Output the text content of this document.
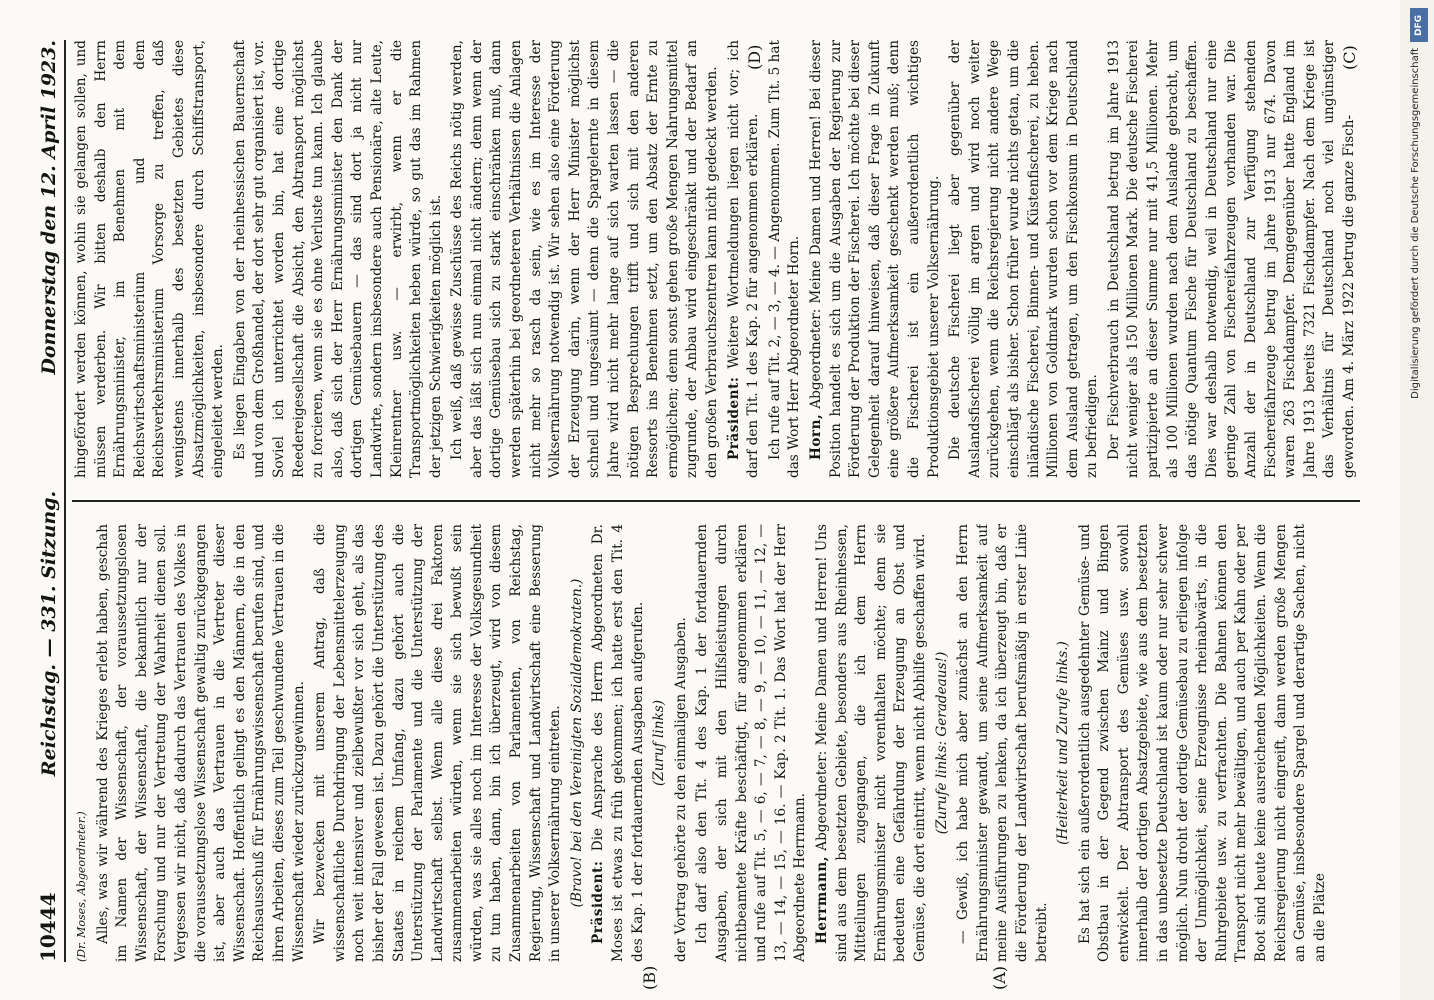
10444
Reichstag. — 331. Sitzung.
Donnerstag den 12. April 1923.

(Dr. Moses, Abgeordneter.) Alles, was wir während des Krieges erlebt haben, geschah im Namen der Wissenschaft, der voraussetzungslosen Wissenschaft, der Wissenschaft, die bekanntlich nur der Forschung und nur der Vertretung der Wahrheit dienen soll. Vergessen wir nicht, daß dadurch das Vertrauen des Volkes in die voraussetzungslose Wissenschaft gewaltig zurückgegangen ist, aber auch das Vertrauen in die Vertreter dieser Wissenschaft. Hoffentlich gelingt es den Männern, die in den Reichsausschuß für Ernährungswissenschaft berufen sind, und ihren Arbeiten, dieses zum Teil geschwundene Vertrauen in die Wissenschaft wieder zurückzugewinnen. Wir bezwecken mit unserem Antrag, daß die wissenschaftliche Durchdringung der Lebensmittelerzeugung noch weit intensiver und zielbewußter vor sich geht, als das bisher der Fall gewesen ist. Dazu gehört die Unterstützung des Staates in reichem Umfang, dazu gehört auch die Unterstützung der Parlamente und die Unterstützung der Landwirtschaft selbst. Wenn alle diese drei Faktoren zusammenarbeiten würden, wenn sie sich bewußt sein würden, was sie alles noch im Interesse der Volksgesundheit zu tun haben, dann, bin ich überzeugt, wird von diesem Zusammenarbeiten von Parlamenten, von Reichstag, Regierung, Wissenschaft und Landwirtschaft eine Besserung in unserer Volksernährung eintreten. (Bravo! bei den Vereinigten Sozialdemokraten.) Präsident: Die Ansprache des Herrn Abgeordneten Dr. Moses ist etwas zu früh gekommen; ich hatte erst den Tit. 4 des Kap. 1 der fortdauernden Ausgaben aufgerufen. (Zuruf links) der Vortrag gehörte zu den einmaligen Ausgaben. Ich darf also den Tit. 4 des Kap. 1 der fortdauernden Ausgaben, der sich mit den Hilfsleistungen durch nichtbeamtete Kräfte beschäftigt, für angenommen erklären und rufe auf Tit. 5, — 6, — 7, — 8, — 9, — 10, — 11, — 12, — 13, — 14, — 15, — 16. — Kap. 2 Tit. 1. Das Wort hat der Herr Abgeordnete Herrmann. Herrmann, Abgeordneter: Meine Damen und Herren! Uns sind aus dem besetzten Gebiete, besonders aus Rheinhessen, Mitteilungen zugegangen, die ich dem Herrn Ernährungsminister nicht vorenthalten möchte; denn sie bedeuten eine Gefährdung der Erzeugung an Obst und Gemüse, die dort eintritt, wenn nicht Abhilfe geschaffen wird. (Zurufe links: Geradeaus!) — Gewiß, ich habe mich aber zunächst an den Herrn Ernährungsminister gewandt, um seine Aufmerksamkeit auf meine Ausführungen zu lenken, da ich überzeugt bin, daß er die Förderung der Landwirtschaft berufsmäßig in erster Linie betreibt.

(Heiterkeit und Zurufe links.) Es hat sich ein außerordentlich ausgedehnter Gemüse- und Obstbau in der Gegend zwischen Mainz und Bingen entwickelt. Der Abtransport des Gemüses usw. sowohl innerhalb der dortigen Absatzgebiete, wie aus dem besetzten in das unbesetzte Deutschland ist kaum oder nur sehr schwer möglich. Nun droht der dortige Gemüsebau zu erliegen infolge der Unmöglichkeit, seine Erzeugnisse rheinabwärts, in die Ruhrgebiete usw. zu verfrachten. Die Bahnen können den Transport nicht mehr bewältigen, und auch per Kahn oder per Boot sind heute keine ausreichenden Möglichkeiten. Wenn die Reichsregierung nicht eingreift, dann werden große Mengen an Gemüse, insbesondere Spargel und derartige Sachen, nicht an die Plätze

hingefördert werden können, wohin sie gelangen sollen, und müssen verderben. Wir bitten deshalb den Herrn Ernährungsminister, im Benehmen mit dem Reichswirtschaftsministerium und dem Reichsverkehrsministerium Vorsorge zu treffen, daß wenigstens innerhalb des besetzten Gebietes diese Absatzmöglichkeiten, insbesondere durch Schiffstransport, eingeleitet werden. Es liegen Eingaben von der rheinhessischen Bauernschaft und von dem Großhandel, der dort sehr gut organisiert ist, vor. Soviel ich unterrichtet worden bin, hat eine dortige Reedereigesellschaft die Absicht, den Abtransport möglichst zu forcieren, wenn sie es ohne Verluste tun kann. Ich glaube also, daß sich der Herr Ernährungsminister den Dank der dortigen Gemüsebauern — das sind dort ja nicht nur Landwirte, sondern insbesondere auch Pensionäre, alte Leute, Kleinrentner usw. — erwirbt, wenn er die Transportmöglichkeiten heben würde, so gut das im Rahmen der jetzigen Schwierigkeiten möglich ist. Ich weiß, daß gewisse Zuschüsse des Reichs nötig werden, aber das läßt sich nun einmal nicht ändern; denn wenn der dortige Gemüsebau sich zu stark einschränken muß, dann werden späterhin bei geordneteren Verhältnissen die Anlagen nicht mehr so rasch da sein, wie es im Interesse der Volksernährung notwendig ist. Wir sehen also eine Förderung der Erzeugung darin, wenn der Herr Minister möglichst schnell und ungesäumt — denn die Spargelernte in diesem Jahre wird nicht mehr lange auf sich warten lassen — die nötigen Besprechungen trifft und sich mit den anderen Ressorts ins Benehmen setzt, um den Absatz der Ernte zu ermöglichen; denn sonst gehen große Mengen Nahrungsmittel zugrunde, der Anbau wird eingeschränkt und der Bedarf an den großen Verbrauchszentren kann nicht gedeckt werden. Präsident: Weitere Wortmeldungen liegen nicht vor; ich darf den Tit. 1 des Kap. 2 für angenommen erklären. Ich rufe auf Tit. 2, — 3, — 4. — Angenommen. Zum Tit. 5 hat das Wort Herr Abgeordneter Horn. Horn, Abgeordneter: Meine Damen und Herren! Bei dieser Position handelt es sich um die Ausgaben der Regierung zur Förderung der Produktion der Fischerei. Ich möchte bei dieser Gelegenheit darauf hinweisen, daß dieser Frage in Zukunft eine größere Aufmerksamkeit geschenkt werden muß; denn die Fischerei ist ein außerordentlich wichtiges Produktionsgebiet unserer Volksernährung. Die deutsche Fischerei liegt aber gegenüber der Auslandsfischerei völlig im argen und wird noch weiter zurückgehen, wenn die Reichsregierung nicht andere Wege einschlägt als bisher. Schon früher wurde nichts getan, um die inländische Fischerei, Binnen- und Küstenfischerei, zu heben. Millionen von Goldmark wurden schon vor dem Kriege nach dem Ausland getragen, um den Fischkonsum in Deutschland zu befriedigen. Der Fischverbrauch in Deutschland betrug im Jahre 1913 nicht weniger als 150 Millionen Mark. Die deutsche Fischerei partizipierte an dieser Summe nur mit 41,5 Millionen. Mehr als 100 Millionen wurden nach dem Auslande gebracht, um das nötige Quantum Fische für Deutschland zu beschaffen. Dies war deshalb notwendig, weil in Deutschland nur eine geringe Zahl von Fischereifahrzeugen vorhanden war. Die Anzahl der in Deutschland zur Verfügung stehenden Fischereifahrzeuge betrug im Jahre 1913 nur 674. Davon waren 263 Fischdampfer. Demgegenüber hatte England im Jahre 1913 bereits 7321 Fischdampfer. Nach dem Kriege ist das Verhältnis für Deutschland noch viel ungünstiger geworden. Am 4. März 1922 betrug die ganze Fisch-

(A)
(B)
(C)
(D)
DFG
Digitalisierung gefördert durch die Deutsche Forschungsgemeinschaft
